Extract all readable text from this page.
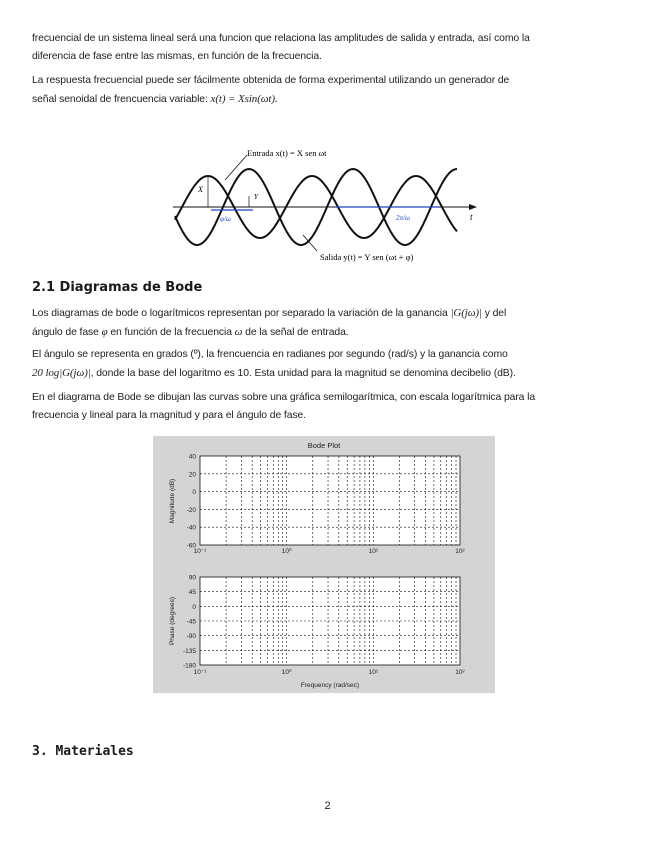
frecuencial de un sistema lineal será una funcion que relaciona las amplitudes de salida y entrada, así como la
diferencia de fase entre las mismas, en función de la frecuencia.

La respuesta frecuencial puede ser fácilmente obtenida de forma experimental utilizando un generador de
señal senoidal de frencuencia variable: x(t) = Xsin(ωt).

t
Entrada x(t) = X sen ωt
Salida y(t) = Y sen (ωt + φ)
X
Y
φ/ω	2π/ω
2.1 Diagramas de Bode

Los diagramas de bode o logarítmicos representan por separado la variación de la ganancia |G(jω)| y del
ángulo de fase φ en función de la frecuencia ω de la señal de entrada.

El ángulo se representa en grados (º), la frencuencia en radianes por segundo (rad/s) y la ganancia como
20 log|G(jω)|, donde la base del logaritmo es 10. Esta unidad para la magnitud se denomina decibelio (dB).

En el diagrama de Bode se dibujan las curvas sobre una gráfica semilogarítmica, con escala logarítmica para la
frecuencia y lineal para la magnitud y para el ángulo de fase.

Bode Plot
40
20
0
-20
-40
-60
90
45
0
-45
-90
-135
-180
10⁻¹
10⁻¹
10⁰
10⁰
10¹
10¹
10²
10²
Magnitude (dB)
Phase (degrees)
Frequency (rad/sec)
3. Materiales
2
